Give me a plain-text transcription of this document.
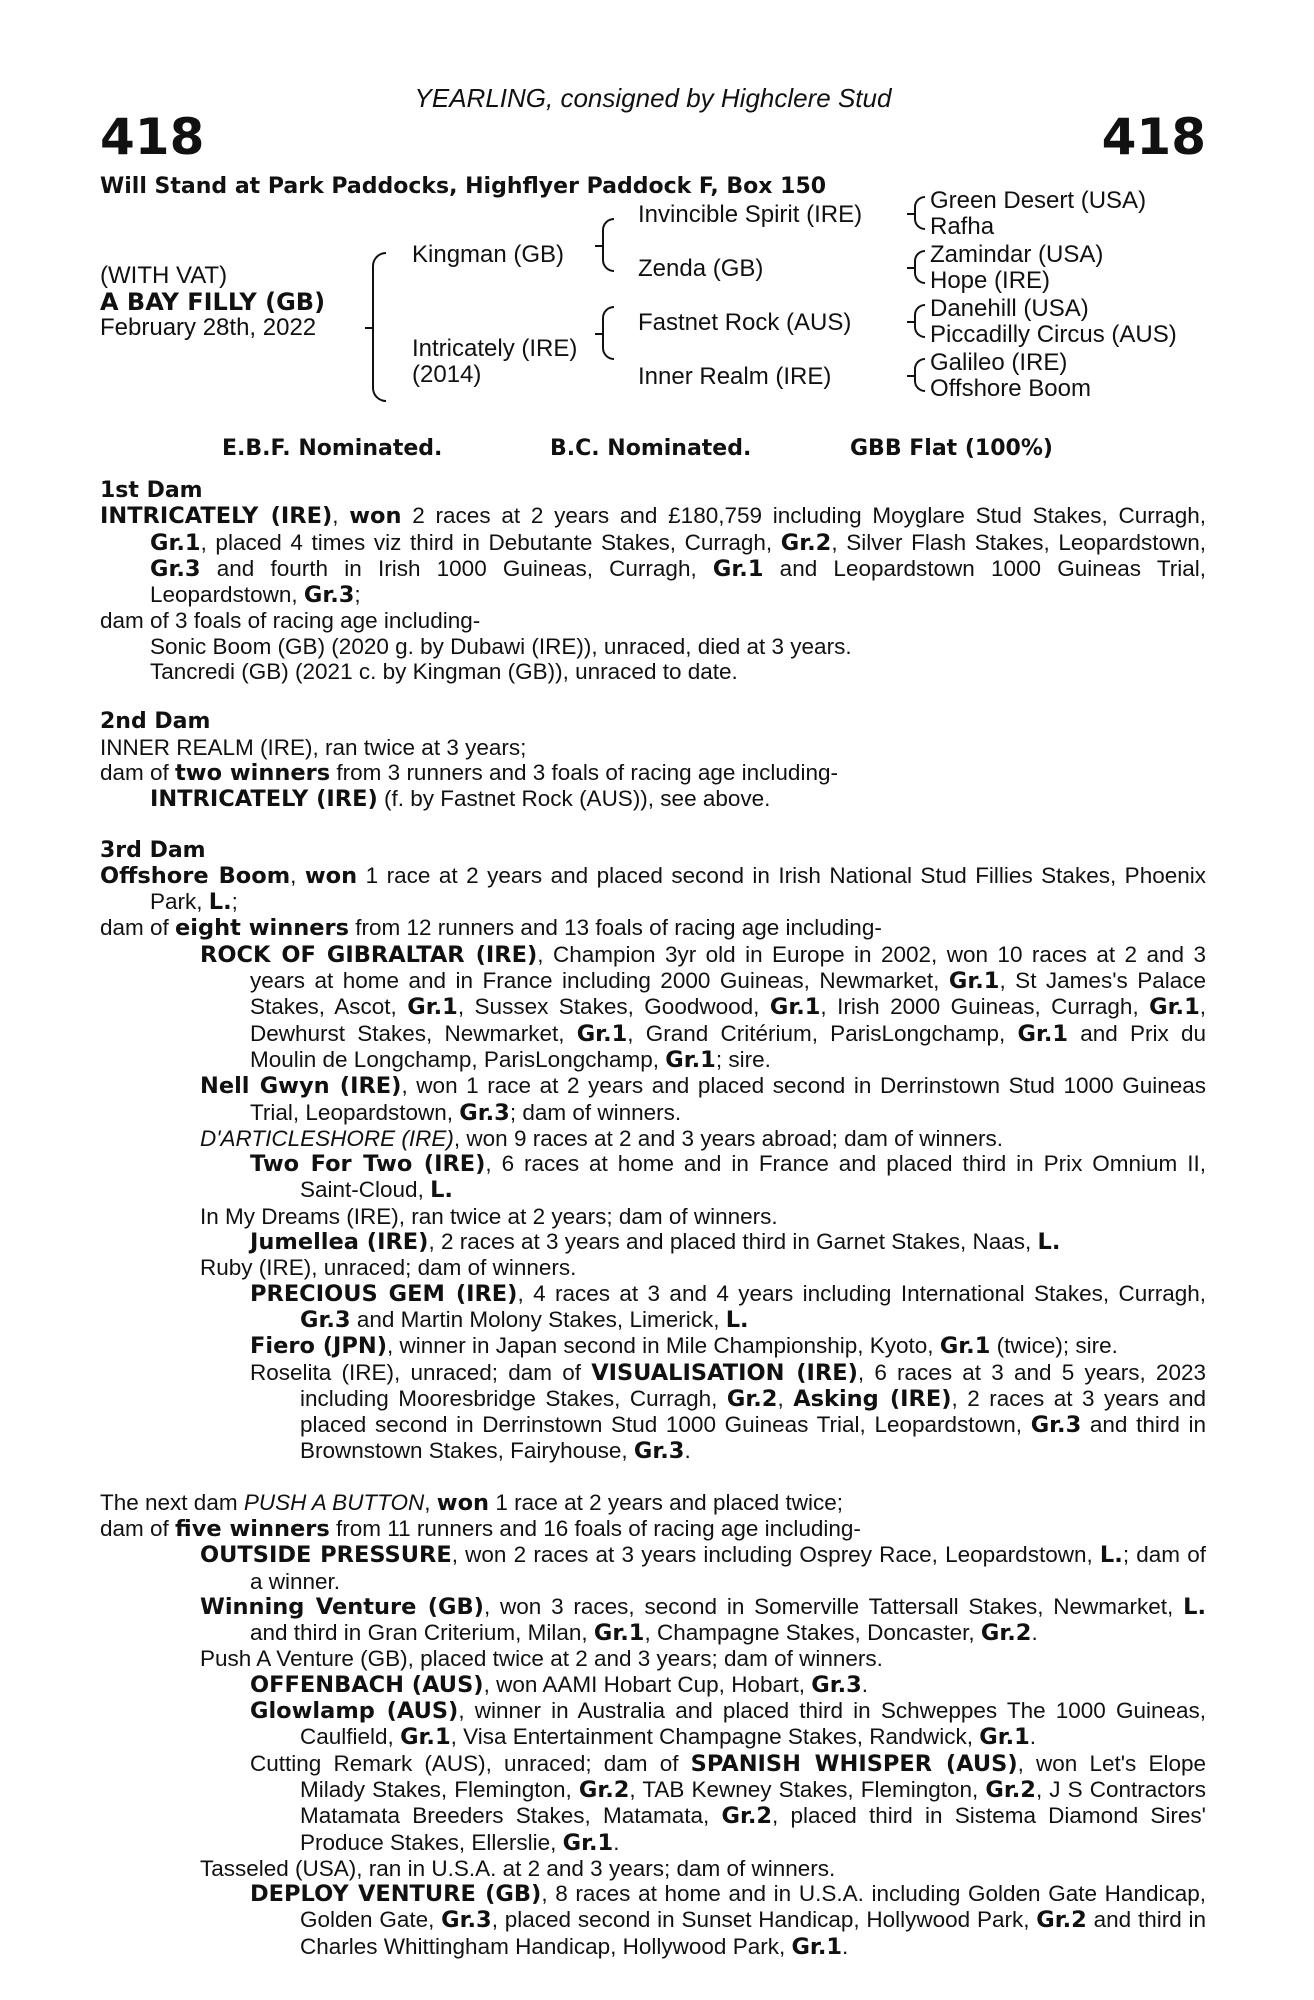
YEARLING, consigned by Highclere Stud
418	418
Will Stand at Park Paddocks, Highflyer Paddock F, Box 150
(WITH VAT)
A BAY FILLY (GB)
February 28th, 2022
Kingman (GB)
Intricately (IRE)
(2014)
Invincible Spirit (IRE)
Zenda (GB)
Fastnet Rock (AUS)
Inner Realm (IRE)
Green Desert (USA)
Rafha
Zamindar (USA)
Hope (IRE)
Danehill (USA)
Piccadilly Circus (AUS)
Galileo (IRE)
Offshore Boom
E.B.F. Nominated.	B.C. Nominated.	GBB Flat (100%)
1st Dam
INTRICATELY (IRE), won 2 races at 2 years and £180,759 including Moyglare Stud Stakes, Curragh, Gr.1, placed 4 times viz third in Debutante Stakes, Curragh, Gr.2, Silver Flash Stakes, Leopardstown, Gr.3 and fourth in Irish 1000 Guineas, Curragh, Gr.1 and Leopardstown 1000 Guineas Trial, Leopardstown, Gr.3;
dam of 3 foals of racing age including-
Sonic Boom (GB) (2020 g. by Dubawi (IRE)), unraced, died at 3 years.
Tancredi (GB) (2021 c. by Kingman (GB)), unraced to date.
2nd Dam
INNER REALM (IRE), ran twice at 3 years;
dam of two winners from 3 runners and 3 foals of racing age including-
INTRICATELY (IRE) (f. by Fastnet Rock (AUS)), see above.
3rd Dam
Offshore Boom, won 1 race at 2 years and placed second in Irish National Stud Fillies Stakes, Phoenix Park, L.;
dam of eight winners from 12 runners and 13 foals of racing age including-
ROCK OF GIBRALTAR (IRE), Champion 3yr old in Europe in 2002, won 10 races at 2 and 3 years at home and in France including 2000 Guineas, Newmarket, Gr.1, St James's Palace Stakes, Ascot, Gr.1, Sussex Stakes, Goodwood, Gr.1, Irish 2000 Guineas, Curragh, Gr.1, Dewhurst Stakes, Newmarket, Gr.1, Grand Critérium, ParisLongchamp, Gr.1 and Prix du Moulin de Longchamp, ParisLongchamp, Gr.1; sire.
Nell Gwyn (IRE), won 1 race at 2 years and placed second in Derrinstown Stud 1000 Guineas Trial, Leopardstown, Gr.3; dam of winners.
D'ARTICLESHORE (IRE), won 9 races at 2 and 3 years abroad; dam of winners.
Two For Two (IRE), 6 races at home and in France and placed third in Prix Omnium II, Saint-Cloud, L.
In My Dreams (IRE), ran twice at 2 years; dam of winners.
Jumellea (IRE), 2 races at 3 years and placed third in Garnet Stakes, Naas, L.
Ruby (IRE), unraced; dam of winners.
PRECIOUS GEM (IRE), 4 races at 3 and 4 years including International Stakes, Curragh, Gr.3 and Martin Molony Stakes, Limerick, L.
Fiero (JPN), winner in Japan second in Mile Championship, Kyoto, Gr.1 (twice); sire.
Roselita (IRE), unraced; dam of VISUALISATION (IRE), 6 races at 3 and 5 years, 2023 including Mooresbridge Stakes, Curragh, Gr.2, Asking (IRE), 2 races at 3 years and placed second in Derrinstown Stud 1000 Guineas Trial, Leopardstown, Gr.3 and third in Brownstown Stakes, Fairyhouse, Gr.3.
The next dam PUSH A BUTTON, won 1 race at 2 years and placed twice;
dam of five winners from 11 runners and 16 foals of racing age including-
OUTSIDE PRESSURE, won 2 races at 3 years including Osprey Race, Leopardstown, L.; dam of a winner.
Winning Venture (GB), won 3 races, second in Somerville Tattersall Stakes, Newmarket, L. and third in Gran Criterium, Milan, Gr.1, Champagne Stakes, Doncaster, Gr.2.
Push A Venture (GB), placed twice at 2 and 3 years; dam of winners.
OFFENBACH (AUS), won AAMI Hobart Cup, Hobart, Gr.3.
Glowlamp (AUS), winner in Australia and placed third in Schweppes The 1000 Guineas, Caulfield, Gr.1, Visa Entertainment Champagne Stakes, Randwick, Gr.1.
Cutting Remark (AUS), unraced; dam of SPANISH WHISPER (AUS), won Let's Elope Milady Stakes, Flemington, Gr.2, TAB Kewney Stakes, Flemington, Gr.2, J S Contractors Matamata Breeders Stakes, Matamata, Gr.2, placed third in Sistema Diamond Sires' Produce Stakes, Ellerslie, Gr.1.
Tasseled (USA), ran in U.S.A. at 2 and 3 years; dam of winners.
DEPLOY VENTURE (GB), 8 races at home and in U.S.A. including Golden Gate Handicap, Golden Gate, Gr.3, placed second in Sunset Handicap, Hollywood Park, Gr.2 and third in Charles Whittingham Handicap, Hollywood Park, Gr.1.
